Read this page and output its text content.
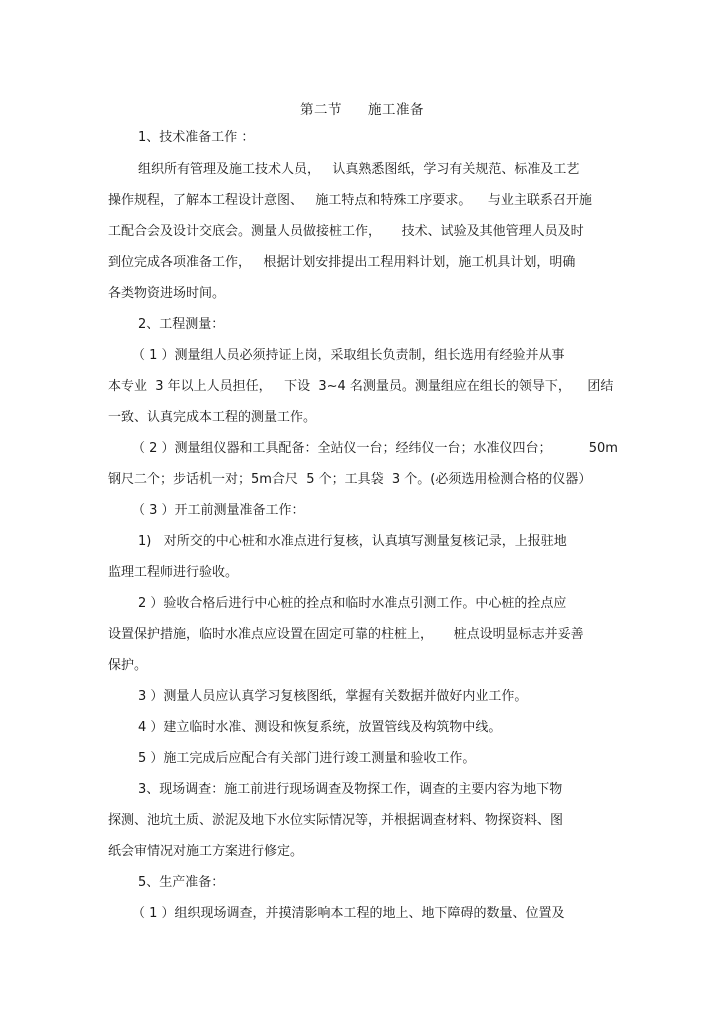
第二节 施工准备
1、技术准备工作 ：
组织所有管理及施工技术人员，   认真熟悉图纸，学习有关规范、标准及工艺
操作规程，了解本工程设计意图、   施工特点和特殊工序要求。    与业主联系召开施
工配合会及设计交底会。测量人员做接桩工作，     技术、试验及其他管理人员及时
到位完成各项准备工作，   根据计划安排提出工程用料计划，施工机具计划，明确
各类物资进场时间。
2、工程测量：
（ 1 ）测量组人员必须持证上岗，采取组长负责制，组长选用有经验并从事
本专业  3 年以上人员担任，   下设  3~4 名测量员。测量组应在组长的领导下，    团结
一致、认真完成本工程的测量工作。
（ 2 ）测量组仪器和工具配备：全站仪一台；经纬仪一台；水准仪四台；         50m
钢尺二个；步话机一对；5m合尺  5 个；工具袋  3 个。(必须选用检测合格的仪器）
（ 3 ）开工前测量准备工作：
1)   对所交的中心桩和水准点进行复核，认真填写测量复核记录，上报驻地
监理工程师进行验收。
2 ）验收合格后进行中心桩的拴点和临时水准点引测工作。中心桩的拴点应
设置保护措施，临时水准点应设置在固定可靠的柱桩上，     桩点设明显标志并妥善
保护。
3 ）测量人员应认真学习复核图纸，掌握有关数据并做好内业工作。
4 ）建立临时水准、测设和恢复系统，放置管线及构筑物中线。
5 ）施工完成后应配合有关部门进行竣工测量和验收工作。
3、现场调查：施工前进行现场调查及物探工作，调查的主要内容为地下物
探测、池坑土质、淤泥及地下水位实际情况等，并根据调查材料、物探资料、图
纸会审情况对施工方案进行修定。
5、生产准备：
（ 1 ）组织现场调查，并摸清影响本工程的地上、地下障碍的数量、位置及
